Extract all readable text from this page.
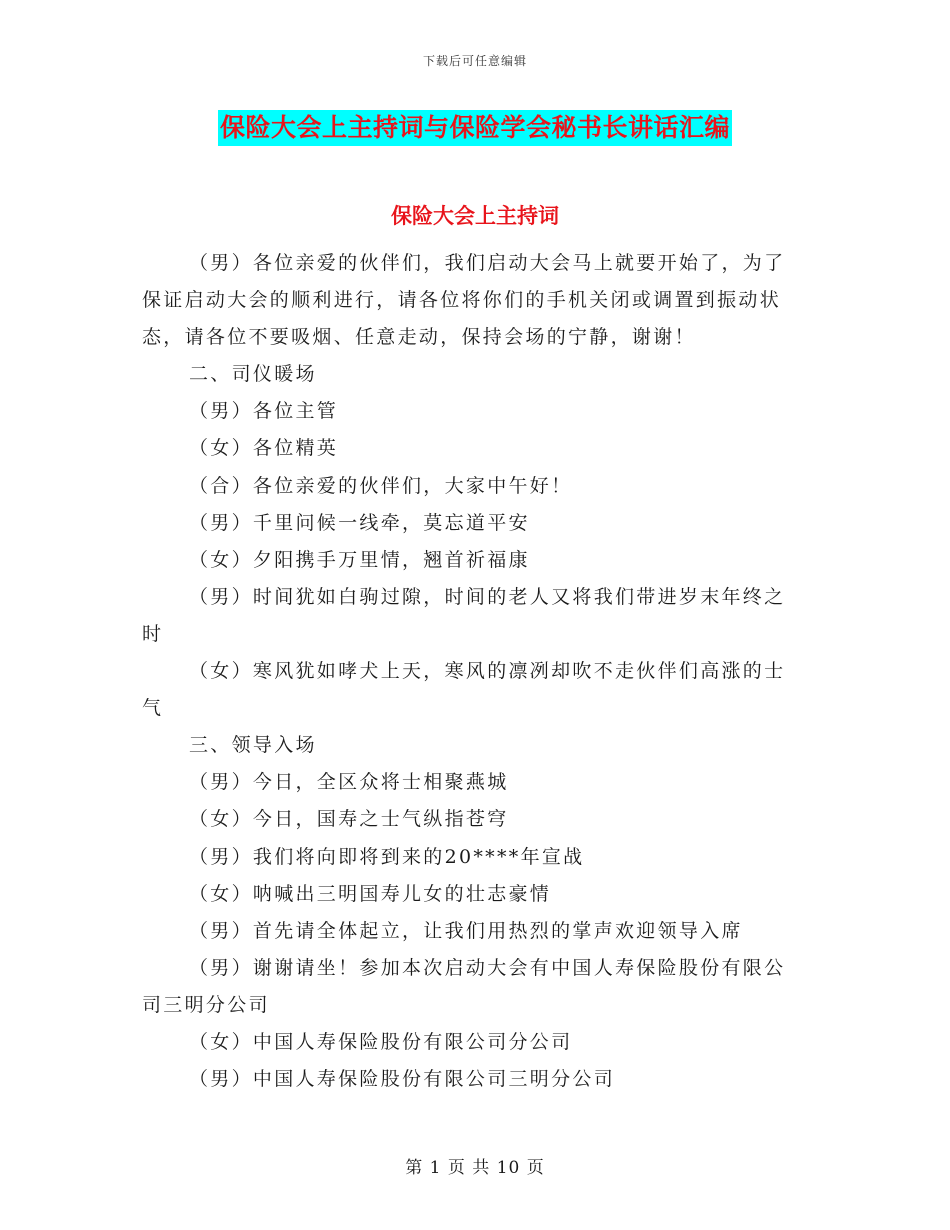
下载后可任意编辑
保险大会上主持词与保险学会秘书长讲话汇编
保险大会上主持词

（男）各位亲爱的伙伴们，我们启动大会马上就要开始了，为了保证启动大会的顺利进行，请各位将你们的手机关闭或调置到振动状态，请各位不要吸烟、任意走动，保持会场的宁静，谢谢！

二、司仪暖场

（男）各位主管

（女）各位精英

（合）各位亲爱的伙伴们，大家中午好！

（男）千里问候一线牵，莫忘道平安

（女）夕阳携手万里情，翘首祈福康

（男）时间犹如白驹过隙，时间的老人又将我们带进岁末年终之时

（女）寒风犹如哮犬上天，寒风的凛冽却吹不走伙伴们高涨的士气

三、领导入场

（男）今日，全区众将士相聚燕城

（女）今日，国寿之士气纵指苍穹

（男）我们将向即将到来的20****年宣战

（女）呐喊出三明国寿儿女的壮志豪情

（男）首先请全体起立，让我们用热烈的掌声欢迎领导入席

（男）谢谢请坐！参加本次启动大会有中国人寿保险股份有限公司三明分公司

（女）中国人寿保险股份有限公司分公司

（男）中国人寿保险股份有限公司三明分公司

第 1 页 共 10 页
